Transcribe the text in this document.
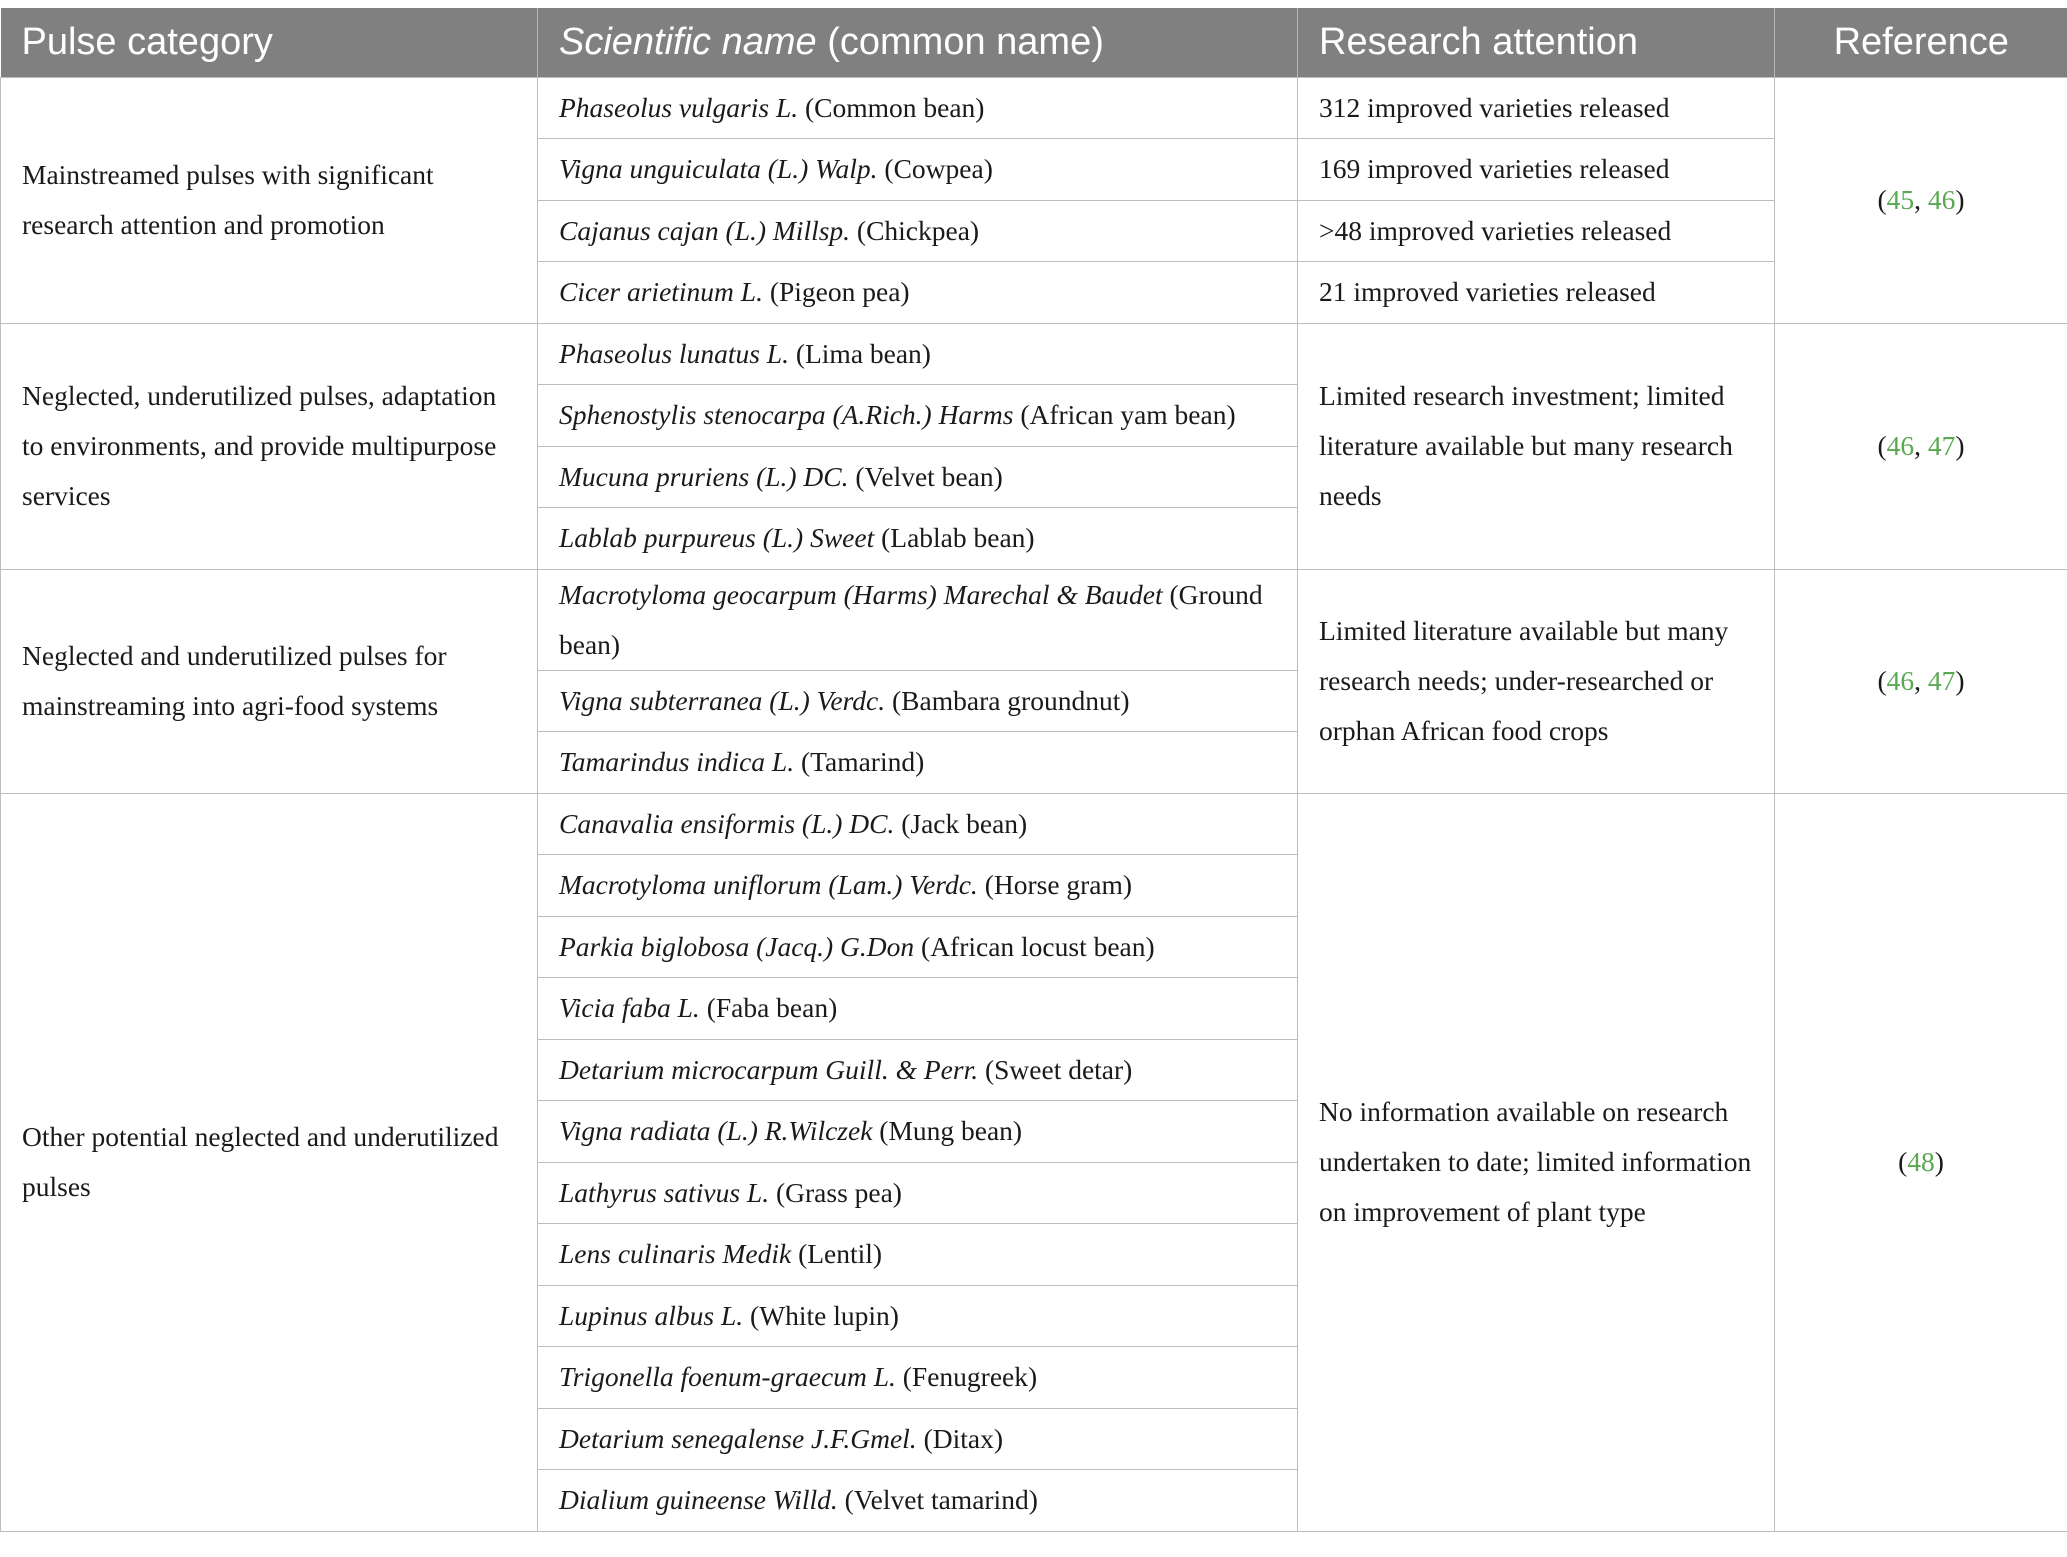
Pulse category	Scientific name (common name)	Research attention	Reference
Mainstreamed pulses with significant research attention and promotion	Phaseolus vulgaris L. (Common bean)	312 improved varieties released	(45, 46)
	Vigna unguiculata (L.) Walp. (Cowpea)	169 improved varieties released	
	Cajanus cajan (L.) Millsp. (Chickpea)	>48 improved varieties released	
	Cicer arietinum L. (Pigeon pea)	21 improved varieties released	
Neglected, underutilized pulses, adaptation to environments, and provide multipurpose services	Phaseolus lunatus L. (Lima bean)	Limited research investment; limited literature available but many research needs	(46, 47)
	Sphenostylis stenocarpa (A.Rich.) Harms (African yam bean)		
	Mucuna pruriens (L.) DC. (Velvet bean)		
	Lablab purpureus (L.) Sweet (Lablab bean)		
Neglected and underutilized pulses for mainstreaming into agri-food systems	Macrotyloma geocarpum (Harms) Marechal & Baudet (Ground bean)	Limited literature available but many research needs; under-researched or orphan African food crops	(46, 47)
	Vigna subterranea (L.) Verdc. (Bambara groundnut)		
	Tamarindus indica L. (Tamarind)		
Other potential neglected and underutilized pulses	Canavalia ensiformis (L.) DC. (Jack bean)	No information available on research undertaken to date; limited information on improvement of plant type	(48)
	Macrotyloma uniflorum (Lam.) Verdc. (Horse gram)		
	Parkia biglobosa (Jacq.) G.Don (African locust bean)		
	Vicia faba L. (Faba bean)		
	Detarium microcarpum Guill. & Perr. (Sweet detar)		
	Vigna radiata (L.) R.Wilczek (Mung bean)		
	Lathyrus sativus L. (Grass pea)		
	Lens culinaris Medik (Lentil)		
	Lupinus albus L. (White lupin)		
	Trigonella foenum-graecum L. (Fenugreek)		
	Detarium senegalense J.F.Gmel. (Ditax)		
	Dialium guineense Willd. (Velvet tamarind)		
